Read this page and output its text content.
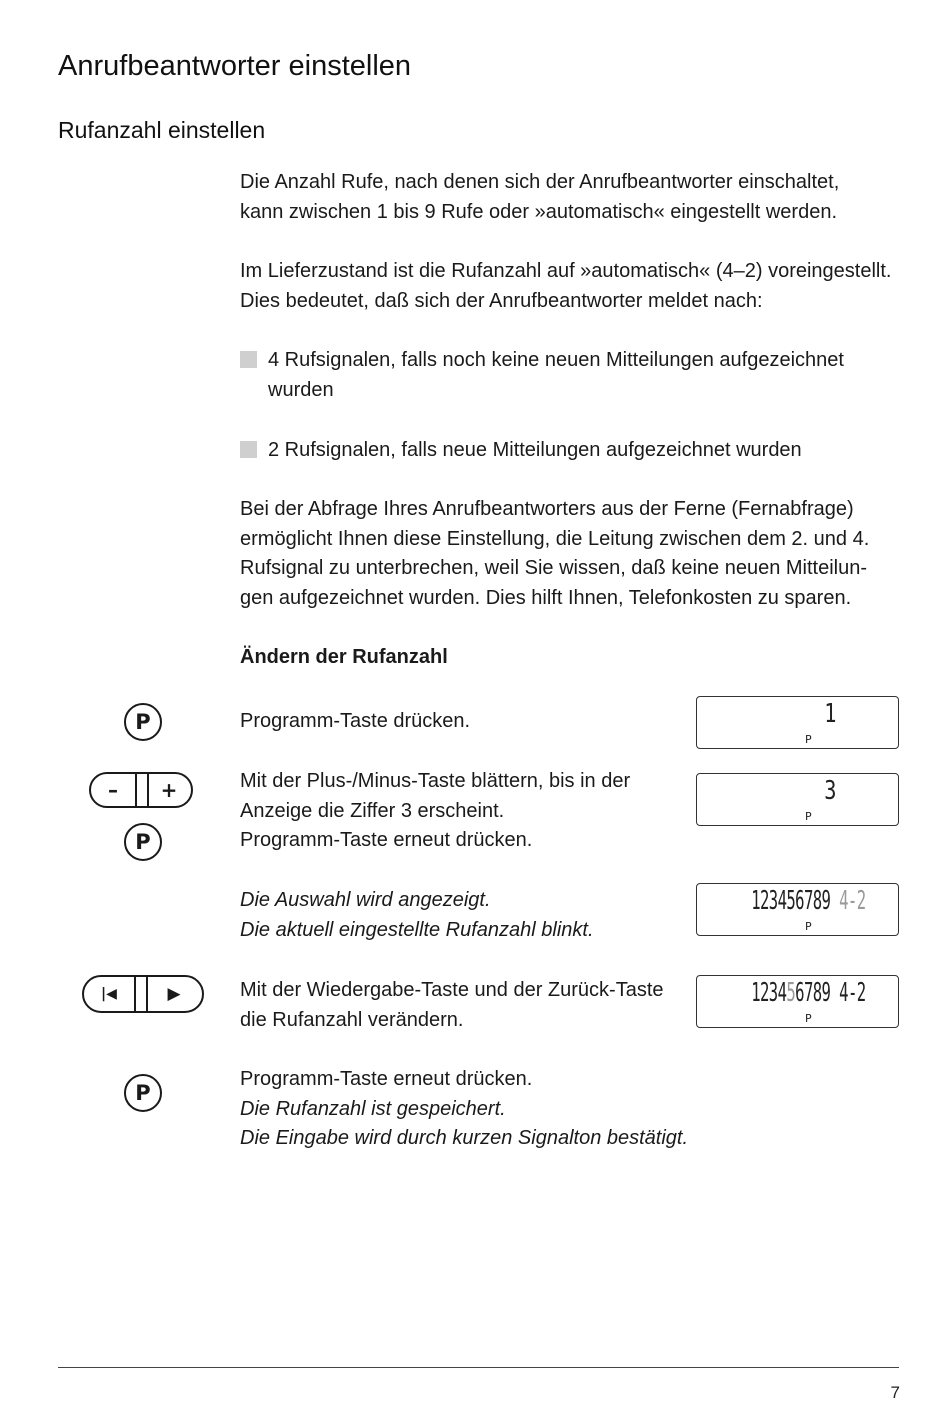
Anrufbeantworter einstellen
Rufanzahl einstellen
Die Anzahl Rufe, nach denen sich der Anrufbeantworter einschaltet,
kann zwischen 1 bis 9 Rufe oder »automatisch« eingestellt werden.
Im Lieferzustand ist die Rufanzahl auf »automatisch« (4–2) voreingestellt.
Dies bedeutet, daß sich der Anrufbeantworter meldet nach:
4 Rufsignalen, falls noch keine neuen Mitteilungen aufgezeichnet
wurden
2 Rufsignalen, falls neue Mitteilungen aufgezeichnet wurden
Bei der Abfrage Ihres Anrufbeantworters aus der Ferne (Fernabfrage)
ermöglicht Ihnen diese Einstellung, die Leitung zwischen dem 2. und 4.
Rufsignal zu unterbrechen, weil Sie wissen, daß keine neuen Mitteilun-
gen aufgezeichnet wurden. Dies hilft Ihnen, Telefonkosten zu sparen.
Ändern der Rufanzahl
P	Programm-Taste drücken.	1
P
–	+	Mit der Plus-/Minus-Taste blättern, bis in der
Anzeige die Ziffer 3 erscheint.
Programm-Taste erneut drücken.
P
3
P
Die Auswahl wird angezeigt.
Die aktuell eingestellte Rufanzahl blinkt.
123456789 4-2
P
|◀	▶	Mit der Wiedergabe-Taste und der Zurück-Taste
die Rufanzahl verändern.
123456789 4-2
P
P
Programm-Taste erneut drücken.
Die Rufanzahl ist gespeichert.
Die Eingabe wird durch kurzen Signalton bestätigt.
7
